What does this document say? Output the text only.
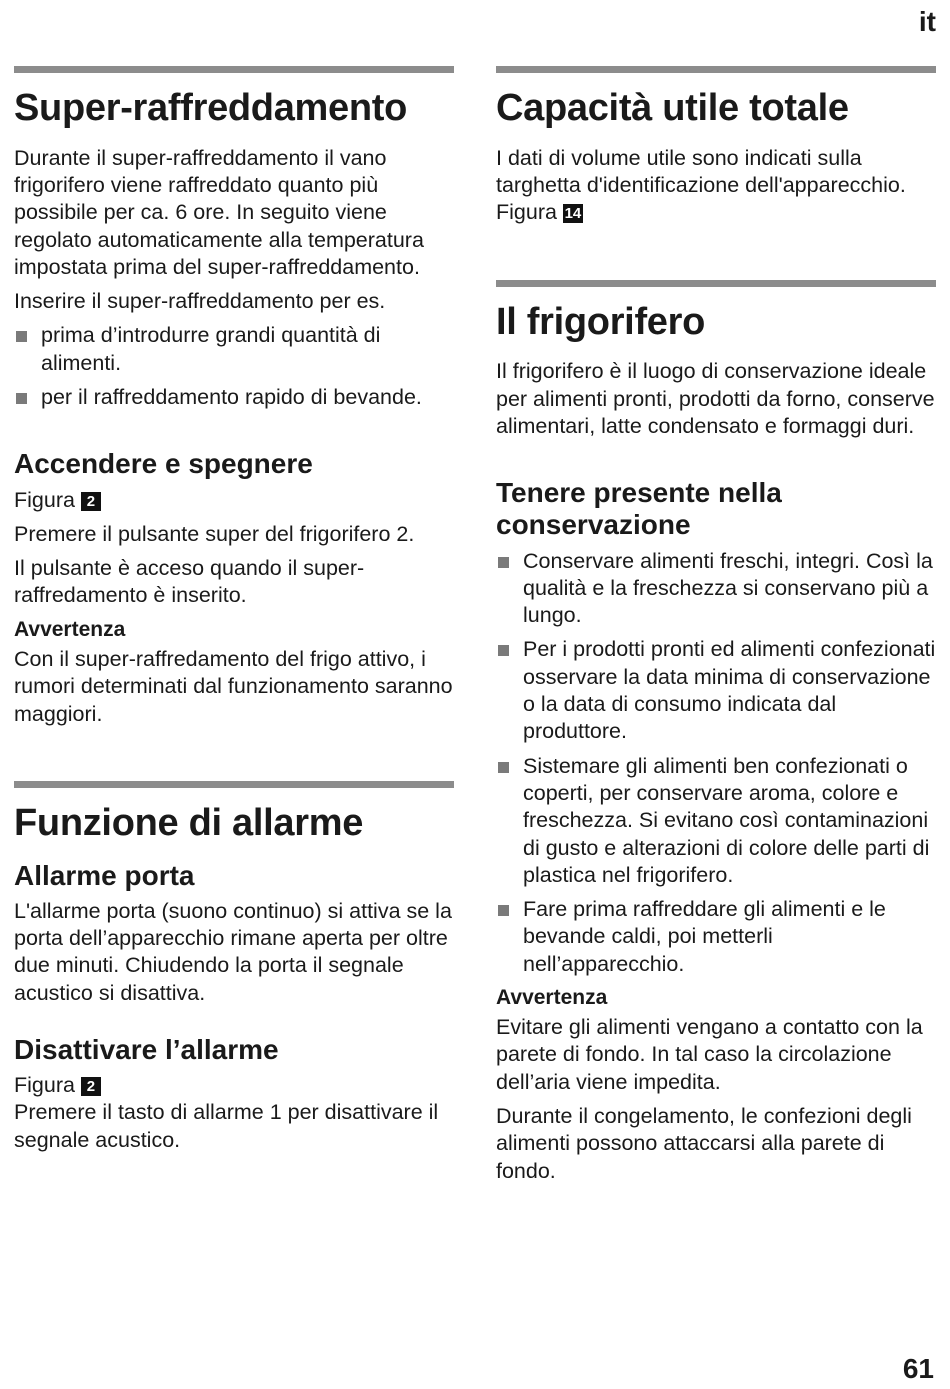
it
Super-raffreddamento

Durante il super-raffreddamento il vano frigorifero viene raffreddato quanto più possibile per ca. 6 ore. In seguito viene regolato automaticamente alla temperatura impostata prima del super-raffreddamento.

Inserire il super-raffreddamento per es.

prima d’introdurre grandi quantità di alimenti.
per il raffreddamento rapido di bevande.
Accendere e spegnere

Figura 2

Premere il pulsante super del frigorifero 2.

Il pulsante è acceso quando il super-raffredamento è inserito.

Avvertenza

Con il super-raffredamento del frigo attivo, i rumori determinati dal funzionamento saranno maggiori.

Funzione di allarme
Allarme porta

L'allarme porta (suono continuo) si attiva se la porta dell’apparecchio rimane aperta per oltre due minuti. Chiudendo la porta il segnale acustico si disattiva.

Disattivare l’allarme

Figura 2

Premere il tasto di allarme 1 per disattivare il segnale acustico.

Capacità utile totale

I dati di volume utile sono indicati sulla targhetta d'identificazione dell'apparecchio. Figura 14

Il frigorifero

Il frigorifero è il luogo di conservazione ideale per alimenti pronti, prodotti da forno, conserve alimentari, latte condensato e formaggi duri.

Tenere presente nella conservazione
Conservare alimenti freschi, integri. Così la qualità e la freschezza si conservano più a lungo.
Per i prodotti pronti ed alimenti confezionati osservare la data minima di conservazione o la data di consumo indicata dal produttore.
Sistemare gli alimenti ben confezionati o coperti, per conservare aroma, colore e freschezza. Si evitano così contaminazioni di gusto e alterazioni di colore delle parti di plastica nel frigorifero.
Fare prima raffreddare gli alimenti e le bevande caldi, poi metterli nell’apparecchio.
Avvertenza

Evitare gli alimenti vengano a contatto con la parete di fondo. In tal caso la circolazione dell’aria viene impedita.

Durante il congelamento, le confezioni degli alimenti possono attaccarsi alla parete di fondo.

61
